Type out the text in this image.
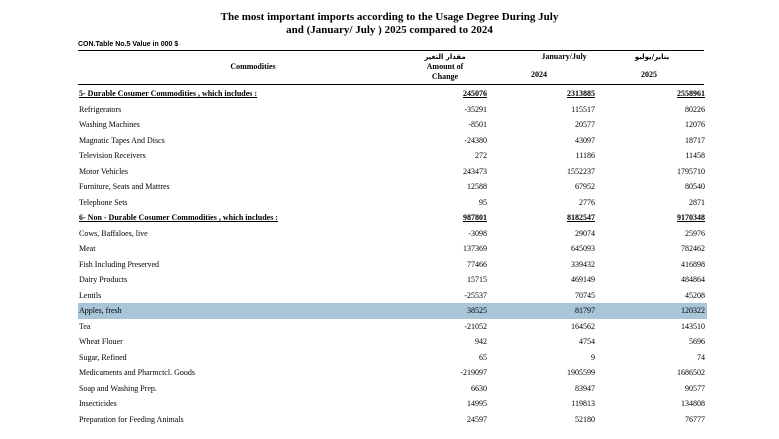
The most important imports according to the Usage Degree During July
and (January/ July ) 2025 compared to 2024
CON.Table No.5 Value in 000 $
Commodities
مقدار التغير
Amount of
Change
January/July	يناير/يوليو
2024	2025
5- Durable Cosumer Commodities , which includes :	245076	2313885	2558961
Refrigerators	-35291	115517	80226
Washing Machines	-8501	20577	12076
Magnatic Tapes And Discs	-24380	43097	18717
Television Receivers	272	11186	11458
Motor Vehicles	243473	1552237	1795710
Furniture, Seats and Mattres	12588	67952	80540
Telephone Sets	95	2776	2871
6- Non - Durable Cosumer Commodities , which includes :	987801	8182547	9170348
Cows, Baffaloes, live	-3098	29074	25976
Meat	137369	645093	782462
Fish Including Preserved	77466	339432	416898
Dairy Products	15715	469149	484864
Lentils	-25537	70745	45208
Apples, fresh	38525	81797	120322
Tea	-21052	164562	143510
Wheat Flouer	942	4754	5696
Sugar, Refined	65	9	74
Medicaments and Pharmctcl. Goods	-219097	1905599	1686502
Soap and Washing Prep.	6630	83947	90577
Insecticides	14995	119813	134808
Preparation for Feeding Animals	24597	52180	76777
